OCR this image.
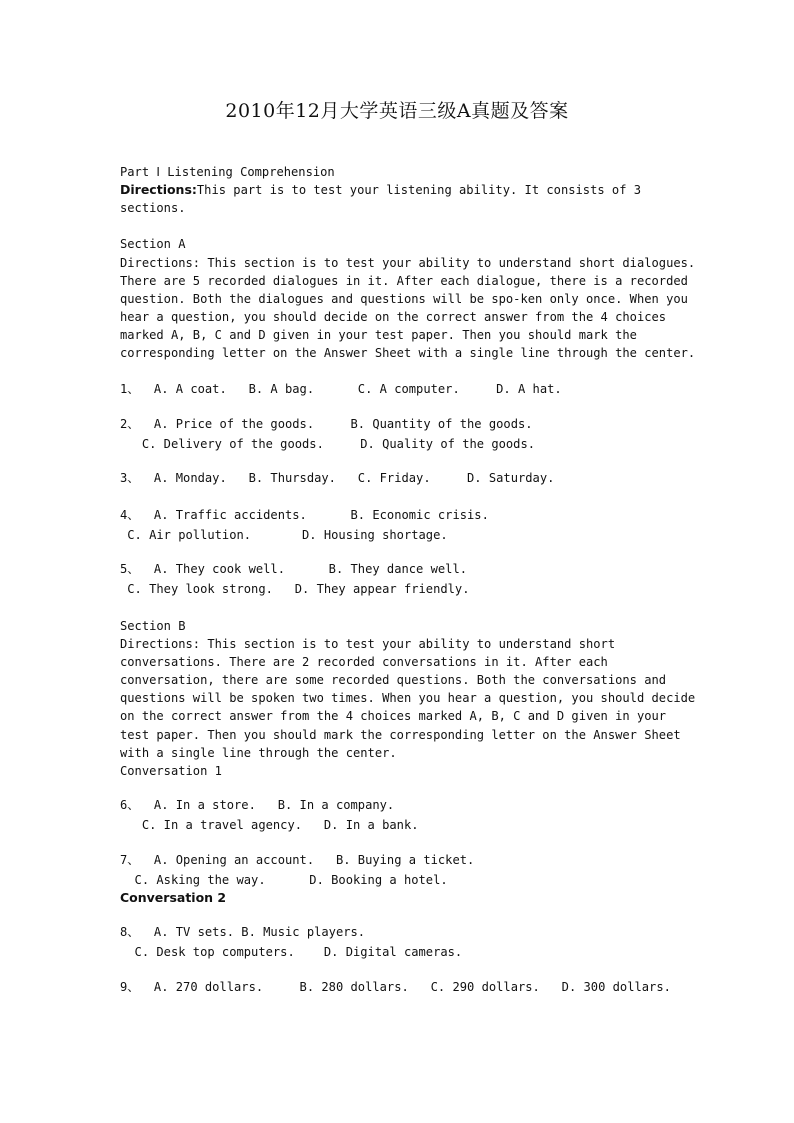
2010年12月大学英语三级A真题及答案
Part Ⅰ Listening Comprehension
Directions:This part is to test your listening ability. It consists of 3
sections.
Section A
Directions: This section is to test your ability to understand short dialogues.
There are 5 recorded dialogues in it. After each dialogue, there is a recorded
question. Both the dialogues and questions will be spo-ken only once. When you
hear a question, you should decide on the correct answer from the 4 choices
marked A, B, C and D given in your test paper. Then you should mark the
corresponding letter on the Answer Sheet with a single line through the center.
1、  A. A coat.   B. A bag.      C. A computer.     D. A hat.
2、  A. Price of the goods.     B. Quantity of the goods.
C. Delivery of the goods.     D. Quality of the goods.
3、  A. Monday.   B. Thursday.   C. Friday.     D. Saturday.
4、  A. Traffic accidents.      B. Economic crisis.
C. Air pollution.       D. Housing shortage.
5、  A. They cook well.      B. They dance well.
C. They look strong.   D. They appear friendly.
Section B
Directions: This section is to test your ability to understand short
conversations. There are 2 recorded conversations in it. After each
conversation, there are some recorded questions. Both the conversations and
questions will be spoken two times. When you hear a question, you should decide
on the correct answer from the 4 choices marked A, B, C and D given in your
test paper. Then you should mark the corresponding letter on the Answer Sheet
with a single line through the center.
Conversation 1
6、  A. In a store.   B. In a company.
C. In a travel agency.   D. In a bank.
7、  A. Opening an account.   B. Buying a ticket.
C. Asking the way.      D. Booking a hotel.
Conversation 2
8、  A. TV sets. B. Music players.
C. Desk top computers.    D. Digital cameras.
9、  A. 270 dollars.     B. 280 dollars.   C. 290 dollars.   D. 300 dollars.
